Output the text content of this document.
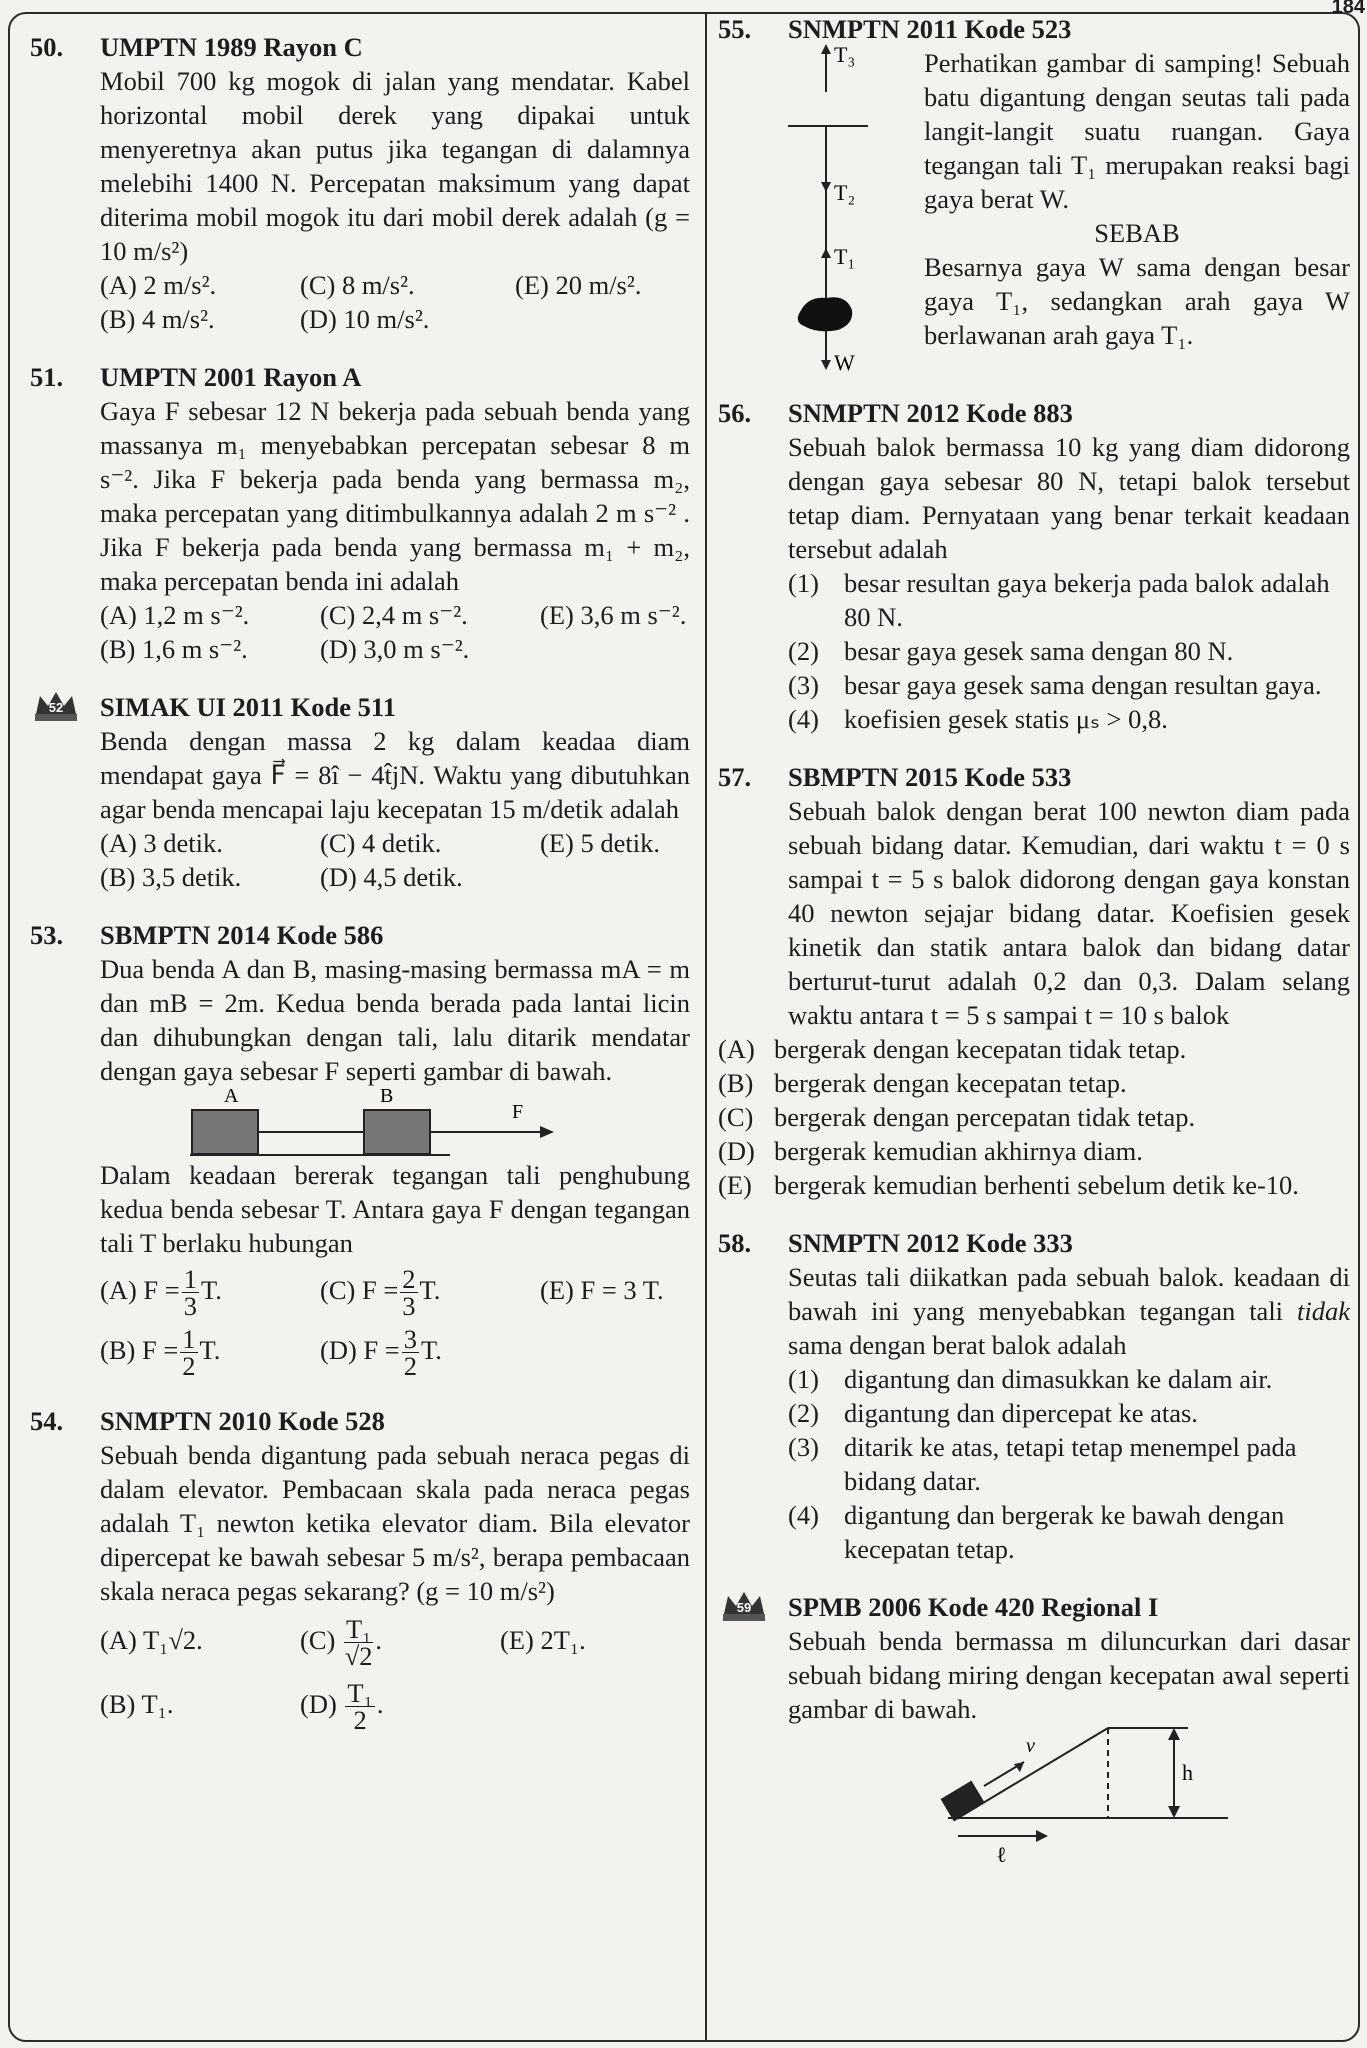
184
50.	UMPTN 1989 Rayon C
Mobil 700 kg mogok di jalan yang mendatar. Kabel horizontal mobil derek yang dipakai untuk menyeretnya akan putus jika tegangan di dalamnya melebihi 1400 N. Percepatan maksimum yang dapat diterima mobil mogok itu dari mobil derek adalah (g = 10 m/s²)
(A) 2 m/s².	(C) 8 m/s².	(E) 20 m/s².
(B) 4 m/s².	(D) 10 m/s².
51.	UMPTN 2001 Rayon A
Gaya F sebesar 12 N bekerja pada sebuah benda yang massanya m₁ menyebabkan percepatan sebesar 8 m s⁻². Jika F bekerja pada benda yang bermassa m₂, maka percepatan yang ditimbulkannya adalah 2 m s⁻² . Jika F bekerja pada benda yang bermassa m₁ + m₂, maka percepatan benda ini adalah
(A) 1,2 m s⁻².	(C) 2,4 m s⁻².	(E) 3,6 m s⁻².
(B) 1,6 m s⁻².	(D) 3,0 m s⁻².
52 SIMAK UI 2011 Kode 511
Benda dengan massa 2 kg dalam keadaa diam mendapat gaya F⃗ = 8î − 4t̂jN. Waktu yang dibutuhkan agar benda mencapai laju kecepatan 15 m/detik adalah
(A) 3 detik.	(C) 4 detik.	(E) 5 detik.
(B) 3,5 detik.	(D) 4,5 detik.
53.	SBMPTN 2014 Kode 586
Dua benda A dan B, masing-masing bermassa mA = m dan mB = 2m. Kedua benda berada pada lantai licin dan dihubungkan dengan tali, lalu ditarik mendatar dengan gaya sebesar F seperti gambar di bawah.
A	B
F
Dalam keadaan bererak tegangan tali penghubung kedua benda sebesar T. Antara gaya F dengan tegangan tali T berlaku hubungan
(A) $F = \frac{1}{3} T$.	(C) $F = \frac{2}{3} T$.	(E) F = 3 T.
(B) $F = \frac{1}{2} T$.	(D) $F = \frac{3}{2} T$.
54.	SNMPTN 2010 Kode 528
Sebuah benda digantung pada sebuah neraca pegas di dalam elevator. Pembacaan skala pada neraca pegas adalah T₁ newton ketika elevator diam. Bila elevator dipercepat ke bawah sebesar 5 m/s², berapa pembacaan skala neraca pegas sekarang? (g = 10 m/s²)
(A) T₁√2.	$(C) \frac{\text{T₁}}{√2}$ .	(E) 2T₁.
(B) T₁.	$(D) \frac{\text{T₁}}{2}$ .
55.	SNMPTN 2011 Kode 523
T₃
T₂
T₁
W
Perhatikan gambar di samping! Sebuah batu digantung dengan seutas tali pada langit-langit suatu ruangan. Gaya tegangan tali T₁ merupakan reaksi bagi gaya berat W.
SEBAB
Besarnya gaya W sama dengan besar gaya T₁, sedangkan arah gaya W berlawanan arah gaya T₁.
56.	SNMPTN 2012 Kode 883
Sebuah balok bermassa 10 kg yang diam didorong dengan gaya sebesar 80 N, tetapi balok tersebut tetap diam. Pernyataan yang benar terkait keadaan tersebut adalah
(1) besar resultan gaya bekerja pada balok adalah 80 N.
(2) besar gaya gesek sama dengan 80 N.
(3) besar gaya gesek sama dengan resultan gaya.
(4) koefisien gesek statis μₛ > 0,8.
57.	SBMPTN 2015 Kode 533
Sebuah balok dengan berat 100 newton diam pada sebuah bidang datar. Kemudian, dari waktu t = 0 s sampai t = 5 s balok didorong dengan gaya konstan 40 newton sejajar bidang datar. Koefisien gesek kinetik dan statik antara balok dan bidang datar berturut-turut adalah 0,2 dan 0,3. Dalam selang waktu antara t = 5 s sampai t = 10 s balok
(A) bergerak dengan kecepatan tidak tetap.
(B) bergerak dengan kecepatan tetap.
(C) bergerak dengan percepatan tidak tetap.
(D) bergerak kemudian akhirnya diam.
(E) bergerak kemudian berhenti sebelum detik ke-10.
58.	SNMPTN 2012 Kode 333
Seutas tali diikatkan pada sebuah balok. keadaan di bawah ini yang menyebabkan tegangan tali tidak sama dengan berat balok adalah
(1) digantung dan dimasukkan ke dalam air.
(2) digantung dan dipercepat ke atas.
(3) ditarik ke atas, tetapi tetap menempel pada bidang datar.
(4) digantung dan bergerak ke bawah dengan kecepatan tetap.
59 SPMB 2006 Kode 420 Regional I
Sebuah benda bermassa m diluncurkan dari dasar sebuah bidang miring dengan kecepatan awal seperti gambar di bawah.
v
h
ℓ
